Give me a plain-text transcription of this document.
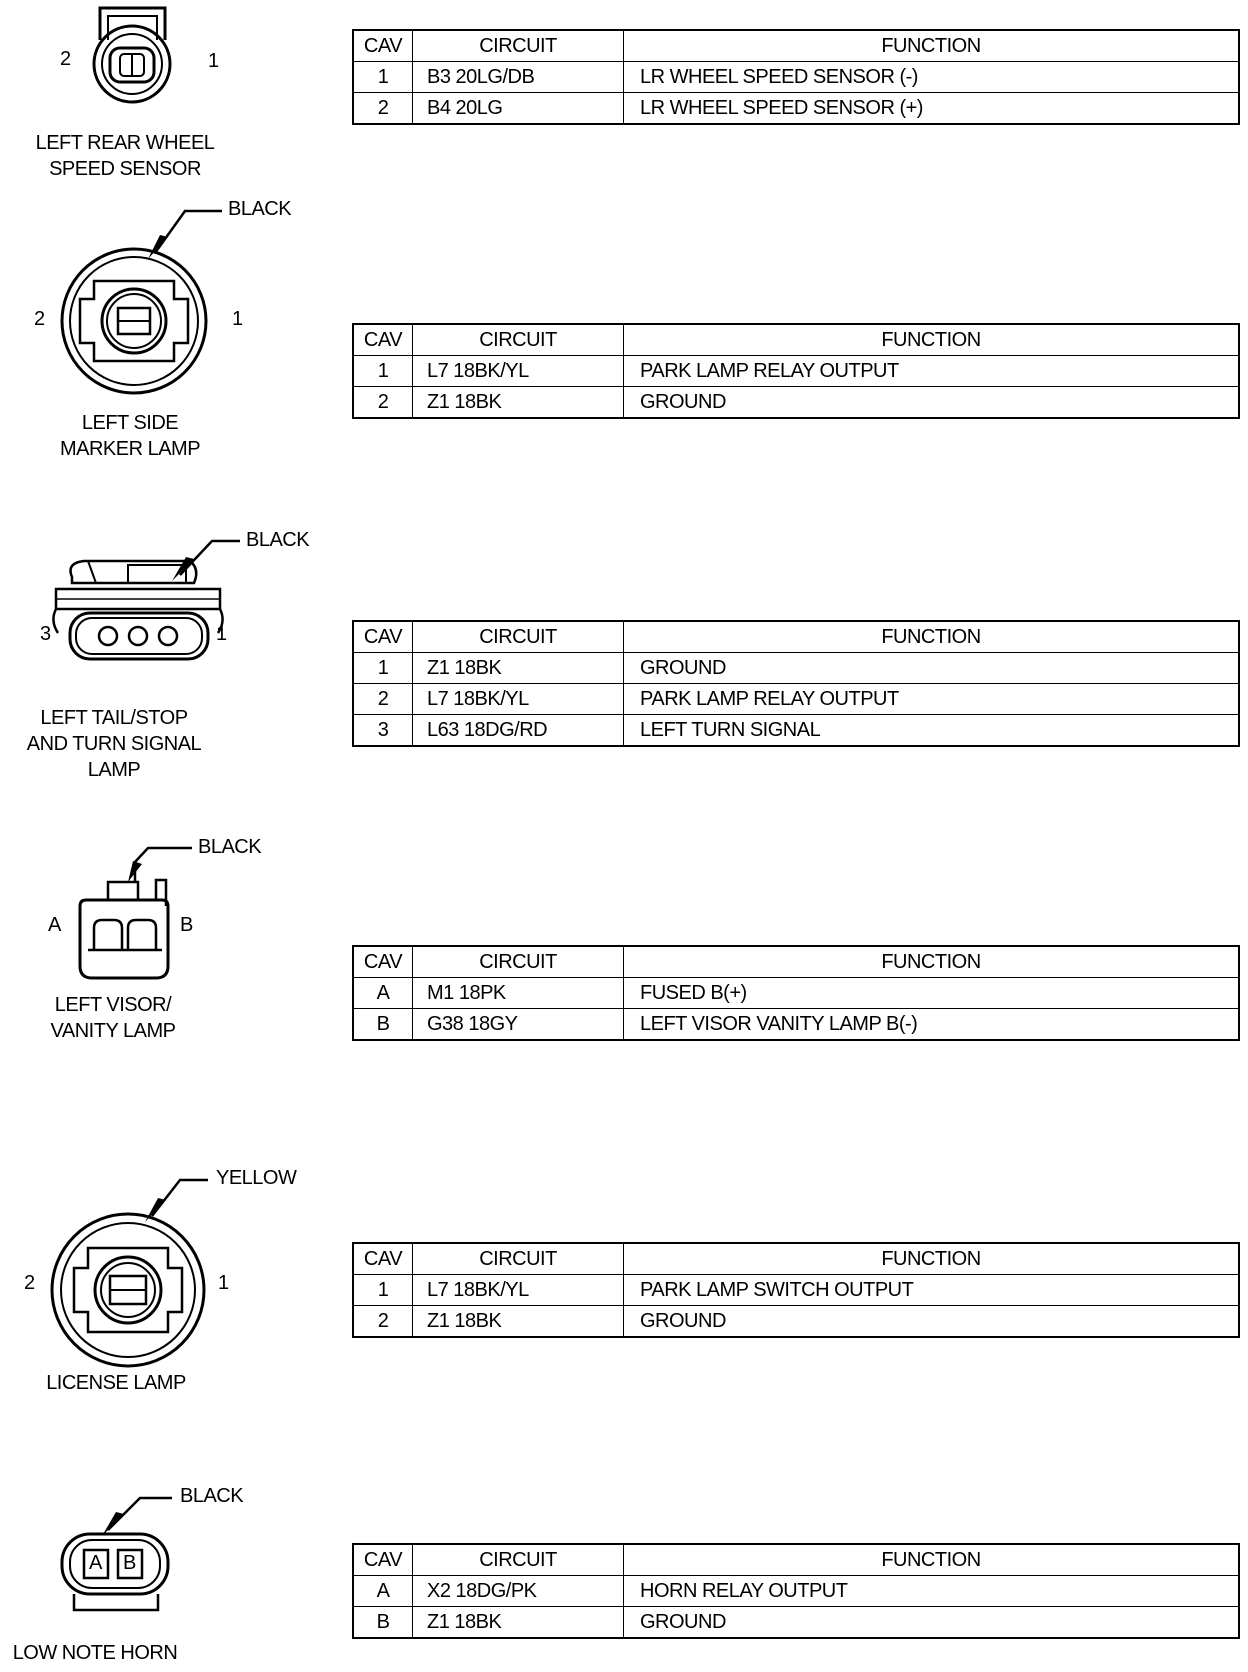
2	1
LEFT REAR WHEEL
SPEED SENSOR
CAV	CIRCUIT	FUNCTION
1	B3 20LG/DB	LR WHEEL SPEED SENSOR (-)
2	B4 20LG	LR WHEEL SPEED SENSOR (+)
BLACK
2	1
LEFT SIDE
MARKER LAMP
CAV	CIRCUIT	FUNCTION
1	L7 18BK/YL	PARK LAMP RELAY OUTPUT
2	Z1 18BK	GROUND
BLACK
3	1
LEFT TAIL/STOP
AND TURN SIGNAL LAMP
CAV	CIRCUIT	FUNCTION
1	Z1 18BK	GROUND
2	L7 18BK/YL	PARK LAMP RELAY OUTPUT
3	L63 18DG/RD	LEFT TURN SIGNAL
BLACK
A	B
LEFT VISOR/
VANITY LAMP
CAV	CIRCUIT	FUNCTION
A	M1 18PK	FUSED B(+)
B	G38 18GY	LEFT VISOR VANITY LAMP B(-)
YELLOW
2	1
LICENSE LAMP
CAV	CIRCUIT	FUNCTION
1	L7 18BK/YL	PARK LAMP SWITCH OUTPUT
2	Z1 18BK	GROUND
A B
BLACK
LOW NOTE HORN
CAV	CIRCUIT	FUNCTION
A	X2 18DG/PK	HORN RELAY OUTPUT
B	Z1 18BK	GROUND
